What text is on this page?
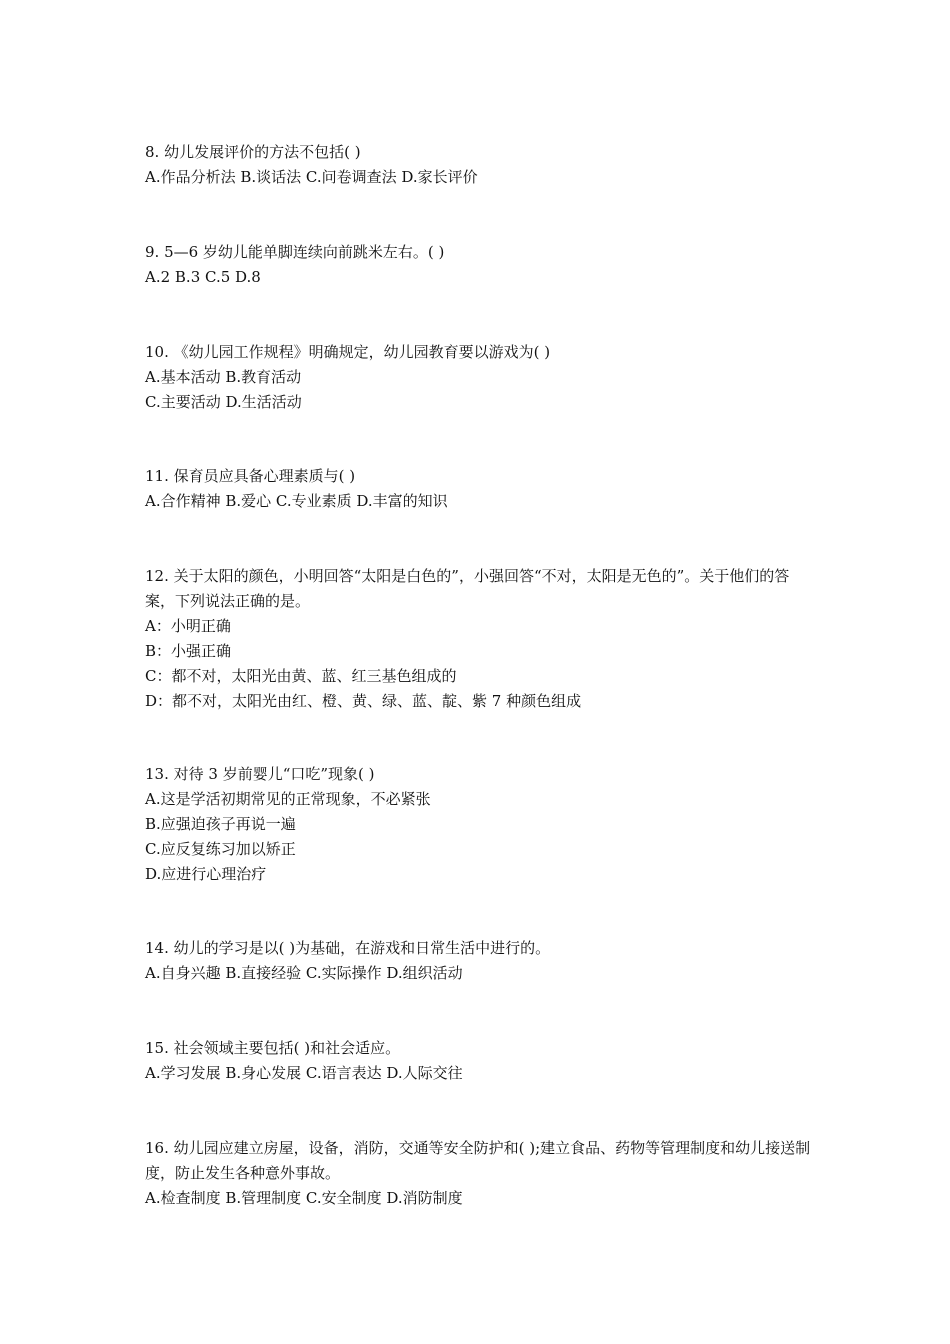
8. 幼儿发展评价的方法不包括( )
A.作品分析法 B.谈话法 C.问卷调查法 D.家长评价
9. 5—6 岁幼儿能单脚连续向前跳米左右。( )
A.2 B.3 C.5 D.8
10. 《幼儿园工作规程》明确规定，幼儿园教育要以游戏为( )
A.基本活动 B.教育活动
C.主要活动 D.生活活动
11. 保育员应具备心理素质与( )
A.合作精神 B.爱心 C.专业素质 D.丰富的知识
12. 关于太阳的颜色，小明回答“太阳是白色的”，小强回答“不对，太阳是无色的”。关于他们的答案，下列说法正确的是。
A：小明正确
B：小强正确
C：都不对，太阳光由黄、蓝、红三基色组成的
D：都不对，太阳光由红、橙、黄、绿、蓝、靛、紫 7 种颜色组成
13. 对待 3 岁前婴儿“口吃”现象( )
A.这是学活初期常见的正常现象，不必紧张
B.应强迫孩子再说一遍
C.应反复练习加以矫正
D.应进行心理治疗
14. 幼儿的学习是以( )为基础，在游戏和日常生活中进行的。
A.自身兴趣 B.直接经验 C.实际操作 D.组织活动
15. 社会领域主要包括( )和社会适应。
A.学习发展 B.身心发展 C.语言表达 D.人际交往
16. 幼儿园应建立房屋，设备，消防，交通等安全防护和( );建立食品、药物等管理制度和幼儿接送制度，防止发生各种意外事故。
A.检查制度 B.管理制度 C.安全制度 D.消防制度
